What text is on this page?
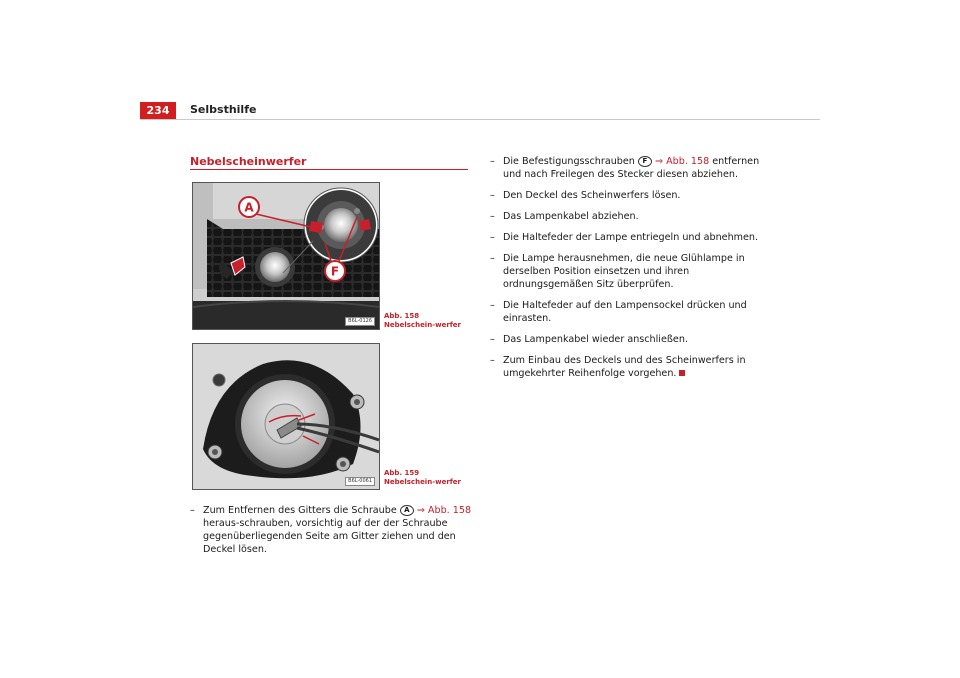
234	Selbsthilfe
Nebelscheinwerfer
A
F
B6L-0126
Abb. 158 Nebelschein-werfer
B6L-0061
Abb. 159 Nebelschein-werfer

– Zum Entfernen des Gitters die Schraube A ⇒ Abb. 158 heraus-schrauben, vorsichtig auf der der Schraube gegenüberliegenden Seite am Gitter ziehen und den Deckel lösen.

– Die Befestigungsschrauben F ⇒ Abb. 158 entfernen und nach Freilegen des Stecker diesen abziehen.

– Den Deckel des Scheinwerfers lösen.

– Das Lampenkabel abziehen.

– Die Haltefeder der Lampe entriegeln und abnehmen.

– Die Lampe herausnehmen, die neue Glühlampe in derselben Position einsetzen und ihren ordnungsgemäßen Sitz überprüfen.

– Die Haltefeder auf den Lampensockel drücken und einrasten.

– Das Lampenkabel wieder anschließen.

– Zum Einbau des Deckels und des Scheinwerfers in umgekehrter Reihenfolge vorgehen.
